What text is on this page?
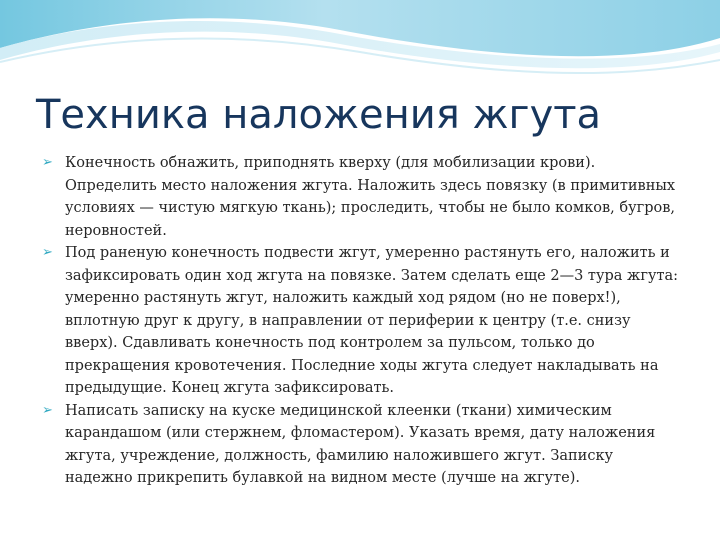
Техника наложения жгута
➢ Конечность обнажить, приподнять кверху (для мобилизации крови). Определить место наложения жгута. Наложить здесь повязку (в примитивных условиях — чистую мягкую ткань); проследить, чтобы не было комков, бугров, неровностей.
➢ Под раненую конечность подвести жгут, умеренно растянуть его, наложить и зафиксировать один ход жгута на повязке. Затем сделать еще 2—3 тура жгута: умеренно растянуть жгут, наложить каждый ход рядом (но не поверх!), вплотную друг к другу, в направлении от периферии к центру (т.е. снизу вверх). Сдавливать конечность под контролем за пульсом, только до прекращения кровотечения. Последние ходы жгута следует накладывать на предыдущие. Конец жгута зафиксировать.
➢ Написать записку на куске медицинской клеенки (ткани) химическим карандашом (или стержнем, фломастером). Указать время, дату наложения жгута, учреждение, должность, фамилию наложившего жгут. Записку надежно прикрепить булавкой на видном месте (лучше на жгуте).
